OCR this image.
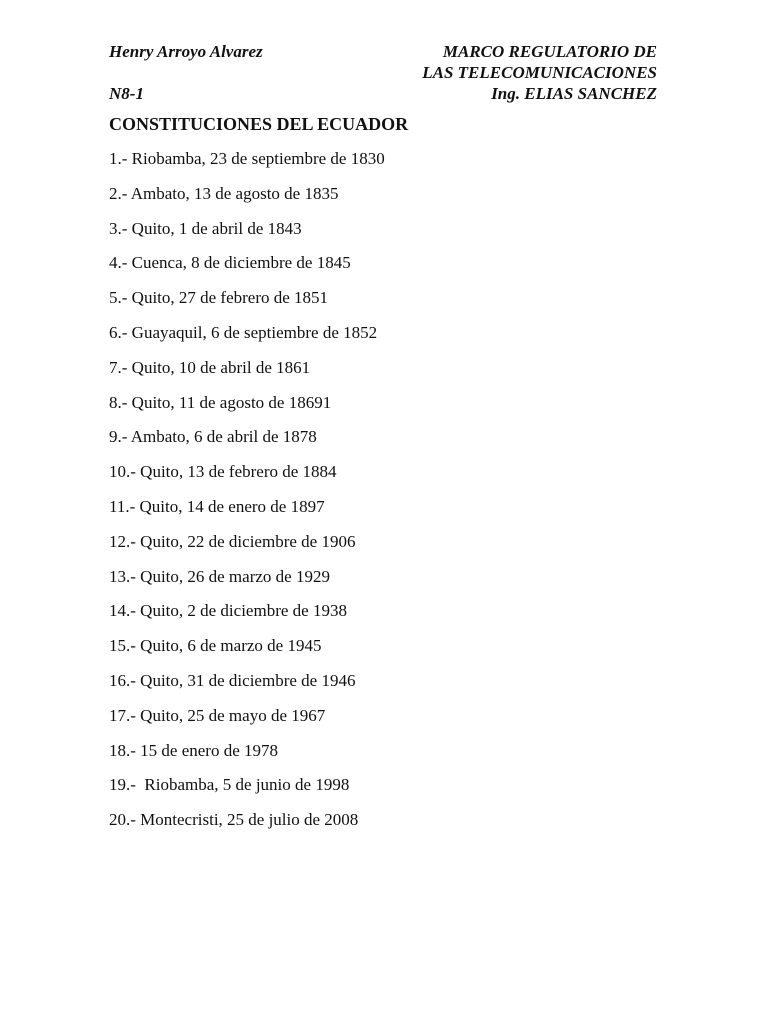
Henry Arroyo Alvarez
N8-1
MARCO REGULATORIO DE
LAS TELECOMUNICACIONES
Ing. ELIAS SANCHEZ
CONSTITUCIONES DEL ECUADOR
1.- Riobamba, 23 de septiembre de 1830
2.- Ambato, 13 de agosto de 1835
3.- Quito, 1 de abril de 1843
4.- Cuenca, 8 de diciembre de 1845
5.- Quito, 27 de febrero de 1851
6.- Guayaquil, 6 de septiembre de 1852
7.- Quito, 10 de abril de 1861
8.- Quito, 11 de agosto de 18691
9.- Ambato, 6 de abril de 1878
10.- Quito, 13 de febrero de 1884
11.- Quito, 14 de enero de 1897
12.- Quito, 22 de diciembre de 1906
13.- Quito, 26 de marzo de 1929
14.- Quito, 2 de diciembre de 1938
15.- Quito, 6 de marzo de 1945
16.- Quito, 31 de diciembre de 1946
17.- Quito, 25 de mayo de 1967
18.- 15 de enero de 1978
19.-  Riobamba, 5 de junio de 1998
20.- Montecristi, 25 de julio de 2008
